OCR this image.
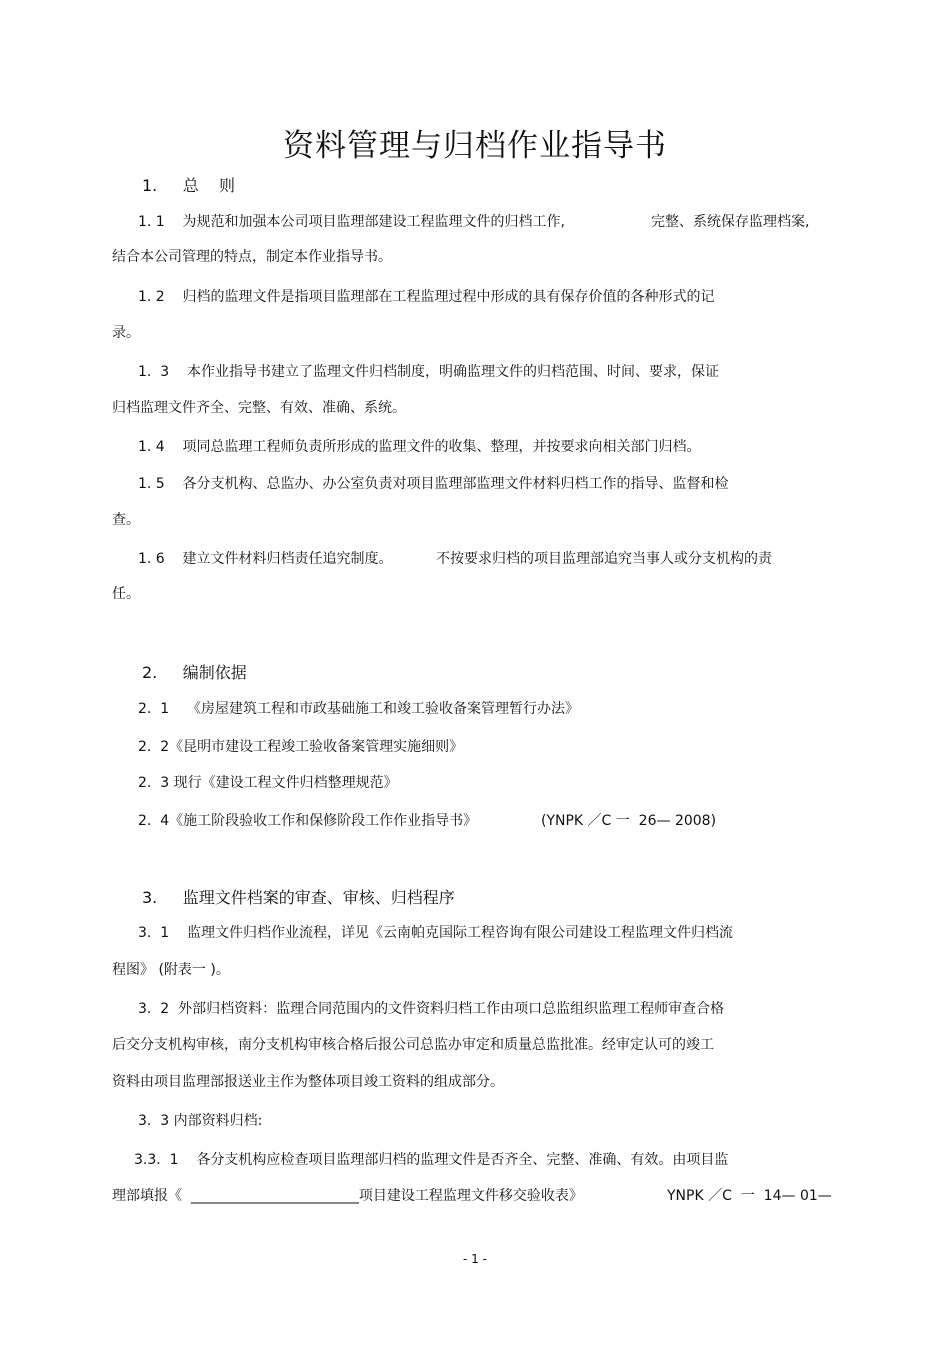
资料管理与归档作业指导书
1.     总    则
1. 1    为规范和加强本公司项目监理部建设工程监理文件的归档工作,	完整、系统保存监理档案,
结合本公司管理的特点，制定本作业指导书。
1. 2    归档的监理文件是指项目监理部在工程监理过程中形成的具有保存价值的各种形式的记
录。
1.  3    本作业指导书建立了监理文件归档制度，明确监理文件的归档范围、时间、要求，保证
归档监理文件齐全、完整、有效、准确、系统。
1. 4    项同总监理工程师负责所形成的监理文件的收集、整理，并按要求向相关部门归档。
1. 5    各分支机构、总监办、办公室负责对项目监理部监理文件材料归档工作的指导、监督和检
查。
1. 6    建立文件材料归档责任追究制度。	不按要求归档的项目监理部追究当事人或分支机构的责
任。
2.     编制依据
2.  1    《房屋建筑工程和市政基础施工和竣工验收备案管理暂行办法》
2.  2《昆明市建设工程竣工验收备案管理实施细则》
2.  3 现行《建设工程文件归档整理规范》
2.  4《施工阶段验收工作和保修阶段工作作业指导书》	(YNPK ／C 一  26— 2008)
3.     监理文件档案的审查、审核、归档程序
3.  1    监理文件归档作业流程，详见《云南帕克国际工程咨询有限公司建设工程监理文件归档流
程图》 (附表一 )。
3.  2  外部归档资料：监理合同范围内的文件资料归档工作由项口总监组织监理工程师审查合格
后交分支机构审核，南分支机构审核合格后报公司总监办审定和质量总监批准。经审定认可的竣工
资料由项目监理部报送业主作为整体项目竣工资料的组成部分。
3.  3 内部资料归档:
3.3.  1    各分支机构应检查项目监理部归档的监理文件是否齐全、完整、准确、有效。由项目监
理部填报《  ________________________项目建设工程监理文件移交验收表》	YNPK ／C  一  14— 01—
- 1 -
